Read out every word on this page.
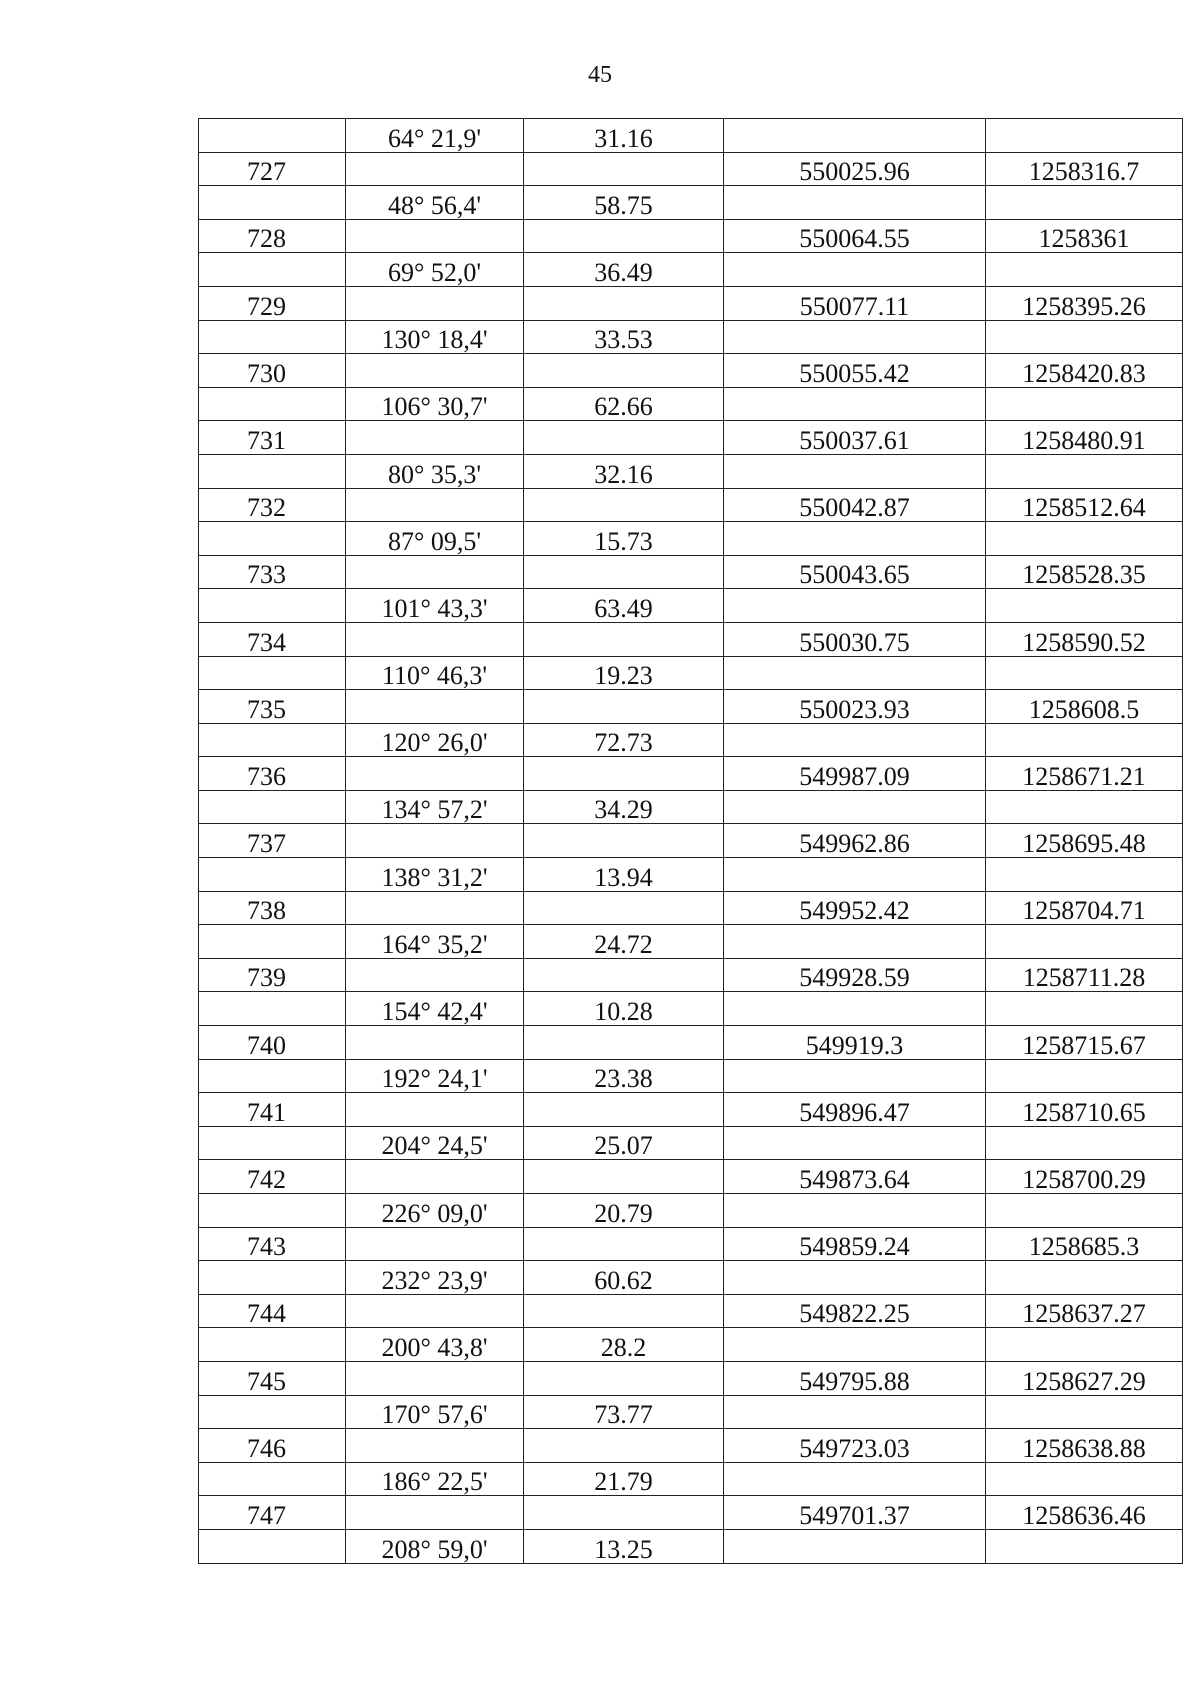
45
	64° 21,9'	31.16		
727			550025.96	1258316.7
	48° 56,4'	58.75		
728			550064.55	1258361
	69° 52,0'	36.49		
729			550077.11	1258395.26
	130° 18,4'	33.53		
730			550055.42	1258420.83
	106° 30,7'	62.66		
731			550037.61	1258480.91
	80° 35,3'	32.16		
732			550042.87	1258512.64
	87° 09,5'	15.73		
733			550043.65	1258528.35
	101° 43,3'	63.49		
734			550030.75	1258590.52
	110° 46,3'	19.23		
735			550023.93	1258608.5
	120° 26,0'	72.73		
736			549987.09	1258671.21
	134° 57,2'	34.29		
737			549962.86	1258695.48
	138° 31,2'	13.94		
738			549952.42	1258704.71
	164° 35,2'	24.72		
739			549928.59	1258711.28
	154° 42,4'	10.28		
740			549919.3	1258715.67
	192° 24,1'	23.38		
741			549896.47	1258710.65
	204° 24,5'	25.07		
742			549873.64	1258700.29
	226° 09,0'	20.79		
743			549859.24	1258685.3
	232° 23,9'	60.62		
744			549822.25	1258637.27
	200° 43,8'	28.2		
745			549795.88	1258627.29
	170° 57,6'	73.77		
746			549723.03	1258638.88
	186° 22,5'	21.79		
747			549701.37	1258636.46
	208° 59,0'	13.25		
